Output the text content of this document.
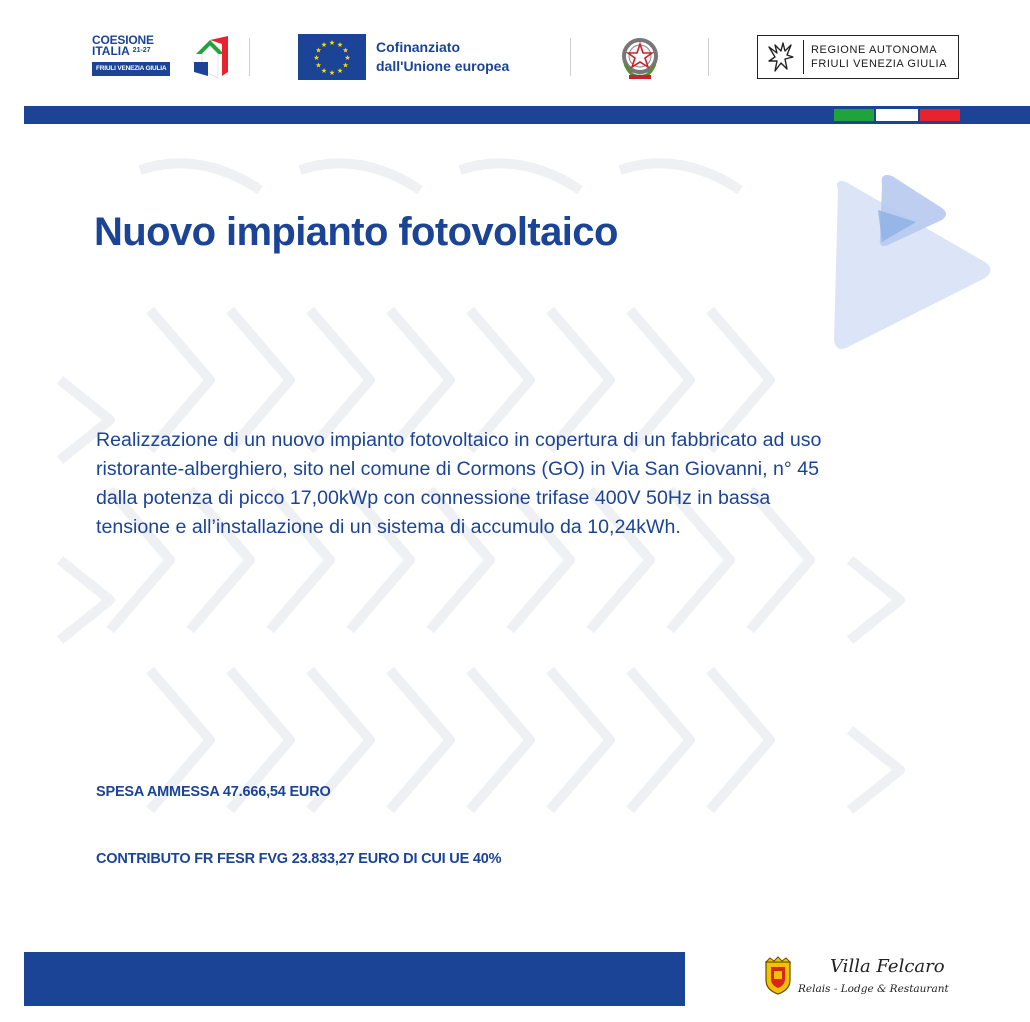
COESIONE
ITALIA $^{21-27}$
FRIULI VENEZIA GIULIA
★ ★
★
★
★
★
★
★
★
★
★
★	Cofinanziato
dall'Unione europea
REGIONE AUTONOMA
FRIULI VENEZIA GIULIA
Nuovo impianto fotovoltaico
Realizzazione di un nuovo impianto fotovoltaico in copertura di un fabbricato ad uso
ristorante-alberghiero, sito nel comune di Cormons (GO) in Via San Giovanni, n° 45
dalla potenza di picco 17,00kWp con connessione trifase 400V 50Hz in bassa
tensione e all’installazione di un sistema di accumulo da 10,24kWh.
SPESA AMMESSA 47.666,54 EURO
CONTRIBUTO FR FESR FVG 23.833,27 EURO DI CUI UE 40%
Villa Felcaro
Relais - Lodge & Restaurant
